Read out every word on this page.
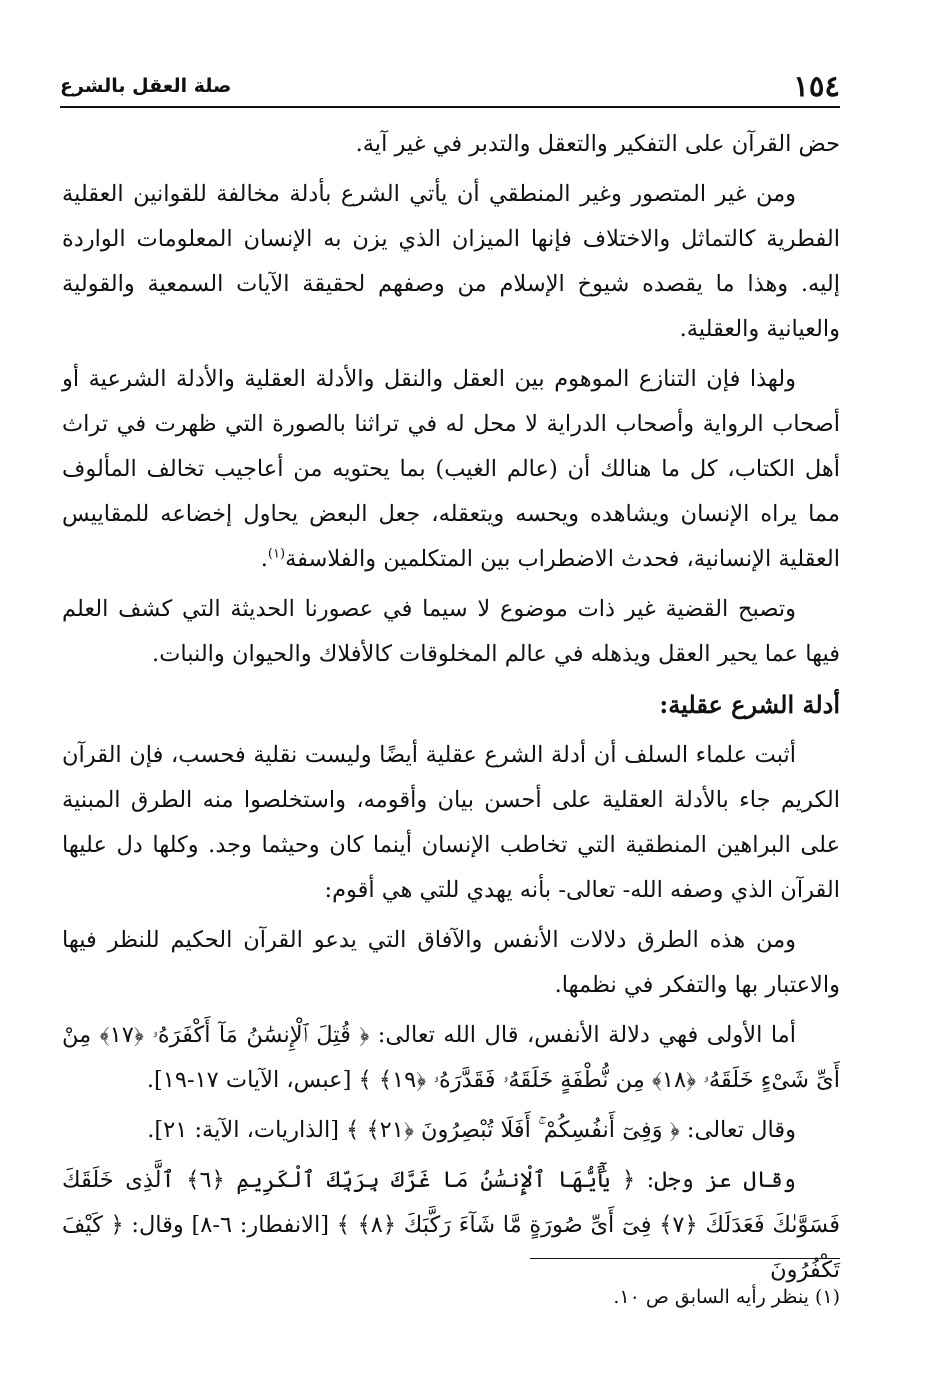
١٥٤
صلة العقل بالشرع

حض القرآن على التفكير والتعقل والتدبر في غير آية.

ومن غير المتصور وغير المنطقي أن يأتي الشرع بأدلة مخالفة للقوانين العقلية الفطرية كالتماثل والاختلاف فإنها الميزان الذي يزن به الإنسان المعلومات الواردة إليه. وهذا ما يقصده شيوخ الإسلام من وصفهم لحقيقة الآيات السمعية والقولية والعيانية والعقلية.

ولهذا فإن التنازع الموهوم بين العقل والنقل والأدلة العقلية والأدلة الشرعية أو أصحاب الرواية وأصحاب الدراية لا محل له في تراثنا بالصورة التي ظهرت في تراث أهل الكتاب، كل ما هنالك أن (عالم الغيب) بما يحتويه من أعاجيب تخالف المألوف مما يراه الإنسان ويشاهده ويحسه ويتعقله، جعل البعض يحاول إخضاعه للمقاييس العقلية الإنسانية، فحدث الاضطراب بين المتكلمين والفلاسفة$^{(١)}$.

وتصبح القضية غير ذات موضوع لا سيما في عصورنا الحديثة التي كشف العلم فيها عما يحير العقل ويذهله في عالم المخلوقات كالأفلاك والحيوان والنبات.

أدلة الشرع عقلية:

أثبت علماء السلف أن أدلة الشرع عقلية أيضًا وليست نقلية فحسب، فإن القرآن الكريم جاء بالأدلة العقلية على أحسن بيان وأقومه، واستخلصوا منه الطرق المبنية على البراهين المنطقية التي تخاطب الإنسان أينما كان وحيثما وجد. وكلها دل عليها القرآن الذي وصفه الله- تعالى- بأنه يهدي للتي هي أقوم:

ومن هذه الطرق دلالات الأنفس والآفاق التي يدعو القرآن الحكيم للنظر فيها والاعتبار بها والتفكر في نظمها.

أما الأولى فهي دلالة الأنفس، قال الله تعالى: ﴿ قُتِلَ ٱلْإِنسَٰنُ مَآ أَكْفَرَهُۥ ﴿١٧﴾ مِنْ أَىِّ شَىْءٍ خَلَقَهُۥ ﴿١٨﴾ مِن نُّطْفَةٍ خَلَقَهُۥ فَقَدَّرَهُۥ ﴿١٩﴾ ﴾ [عبس، الآيات ١٧-١٩].

وقال تعالى: ﴿ وَفِىٓ أَنفُسِكُمْ ۚ أَفَلَا تُبْصِرُونَ ﴿٢١﴾ ﴾ [الذاريات، الآية: ٢١].

وقال عز وجل: ﴿ يَٰٓأَيُّهَا ٱلْإِنسَٰنُ مَا غَرَّكَ بِرَبِّكَ ٱلْكَرِيمِ ﴿٦﴾ ٱلَّذِى خَلَقَكَ فَسَوَّىٰكَ فَعَدَلَكَ ﴿٧﴾ فِىٓ أَىِّ صُورَةٍ مَّا شَآءَ رَكَّبَكَ ﴿٨﴾ ﴾ [الانفطار: ٦-٨] وقال: ﴿ كَيْفَ تَكْفُرُونَ

(١) ينظر رأيه السابق ص ١٠.
